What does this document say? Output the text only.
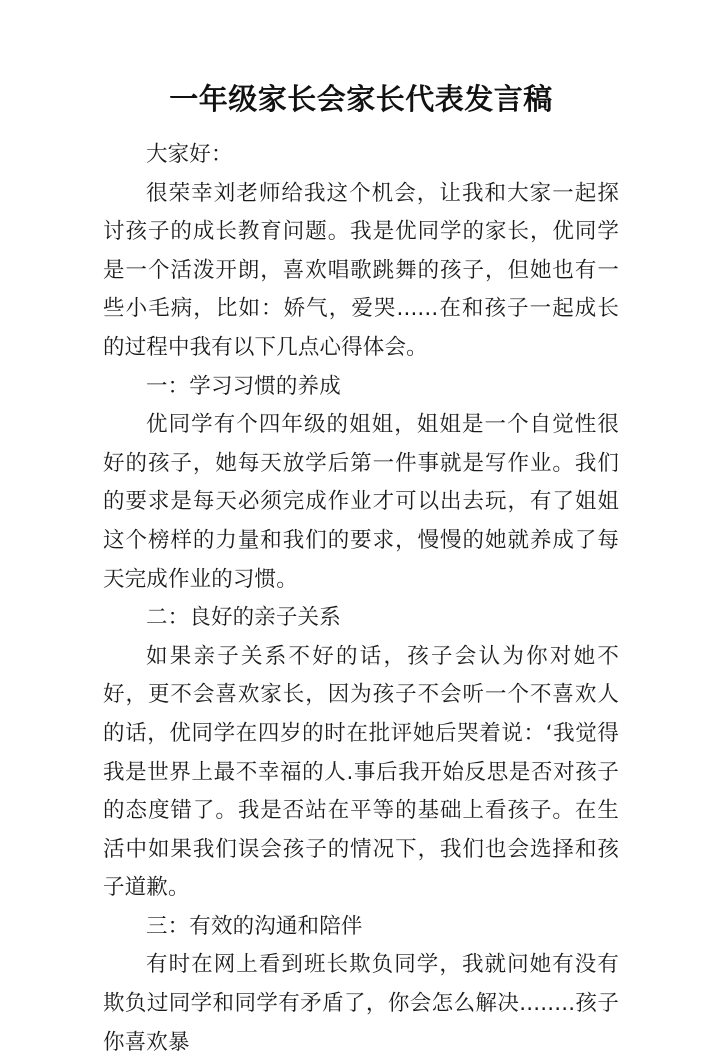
一年级家长会家长代表发言稿

大家好：

很荣幸刘老师给我这个机会，让我和大家一起探讨孩子的成长教育问题。我是优同学的家长，优同学是一个活泼开朗，喜欢唱歌跳舞的孩子，但她也有一些小毛病，比如：娇气，爱哭......在和孩子一起成长的过程中我有以下几点心得体会。

一：学习习惯的养成

优同学有个四年级的姐姐，姐姐是一个自觉性很好的孩子，她每天放学后第一件事就是写作业。我们的要求是每天必须完成作业才可以出去玩，有了姐姐这个榜样的力量和我们的要求，慢慢的她就养成了每天完成作业的习惯。

二：良好的亲子关系

如果亲子关系不好的话，孩子会认为你对她不好，更不会喜欢家长，因为孩子不会听一个不喜欢人的话，优同学在四岁的时在批评她后哭着说：‘我觉得我是世界上最不幸福的人.事后我开始反思是否对孩子的态度错了。我是否站在平等的基础上看孩子。在生活中如果我们误会孩子的情况下，我们也会选择和孩子道歉。

三：有效的沟通和陪伴

有时在网上看到班长欺负同学，我就问她有没有欺负过同学和同学有矛盾了，你会怎么解决........孩子你喜欢暴
